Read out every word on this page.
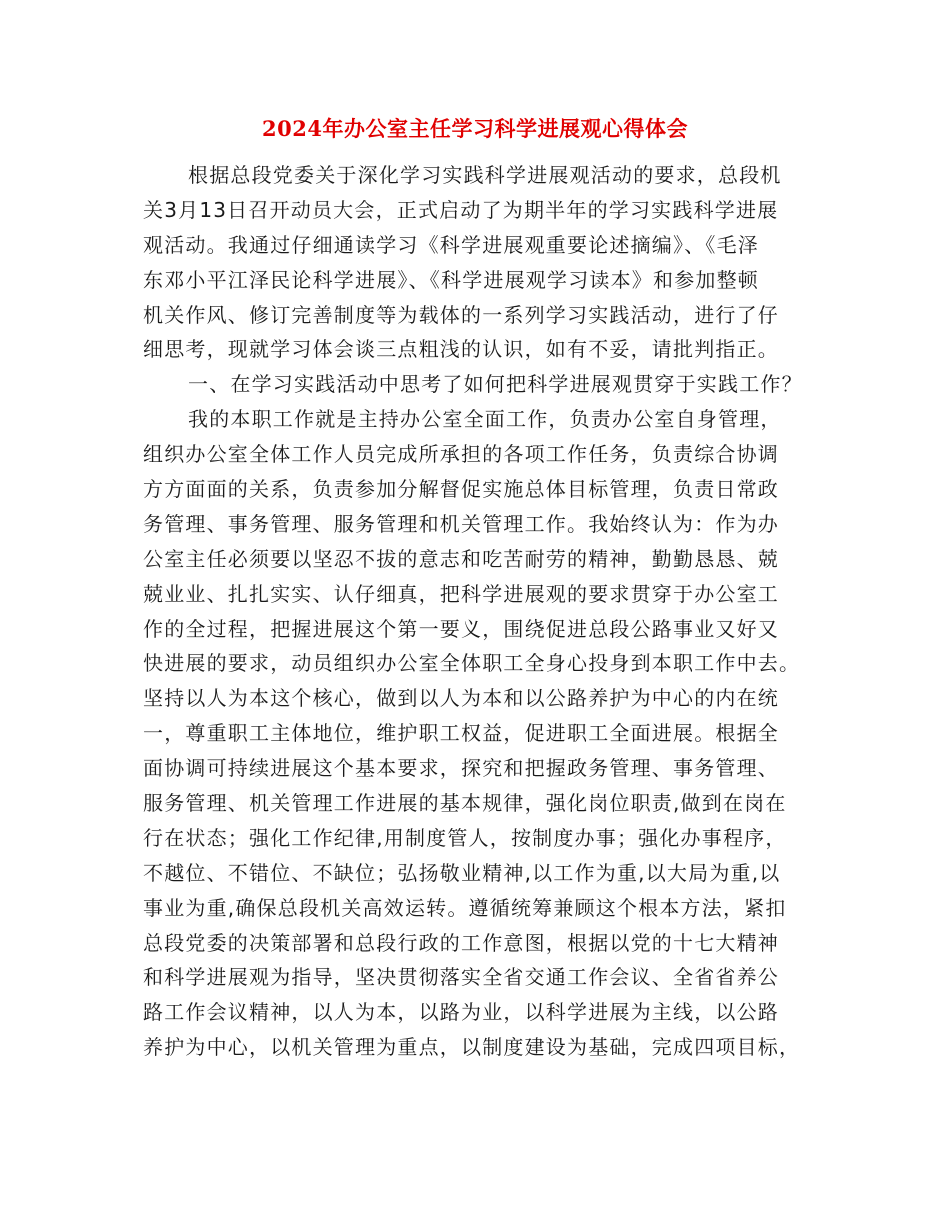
2024年办公室主任学习科学进展观心得体会
根据总段党委关于深化学习实践科学进展观活动的要求，总段机
关3月13日召开动员大会，正式启动了为期半年的学习实践科学进展
观活动。我通过仔细通读学习《科学进展观重要论述摘编》、《毛泽
东邓小平江泽民论科学进展》、《科学进展观学习读本》和参加整顿
机关作风、修订完善制度等为载体的一系列学习实践活动，进行了仔
细思考，现就学习体会谈三点粗浅的认识，如有不妥，请批判指正。
一、在学习实践活动中思考了如何把科学进展观贯穿于实践工作？
我的本职工作就是主持办公室全面工作，负责办公室自身管理，
组织办公室全体工作人员完成所承担的各项工作任务，负责综合协调
方方面面的关系，负责参加分解督促实施总体目标管理，负责日常政
务管理、事务管理、服务管理和机关管理工作。我始终认为：作为办
公室主任必须要以坚忍不拔的意志和吃苦耐劳的精神，勤勤恳恳、兢
兢业业、扎扎实实、认仔细真，把科学进展观的要求贯穿于办公室工
作的全过程，把握进展这个第一要义，围绕促进总段公路事业又好又
快进展的要求，动员组织办公室全体职工全身心投身到本职工作中去。
坚持以人为本这个核心，做到以人为本和以公路养护为中心的内在统
一，尊重职工主体地位，维护职工权益，促进职工全面进展。根据全
面协调可持续进展这个基本要求，探究和把握政务管理、事务管理、
服务管理、机关管理工作进展的基本规律，强化岗位职责,做到在岗在
行在状态；强化工作纪律,用制度管人，按制度办事；强化办事程序，
不越位、不错位、不缺位；弘扬敬业精神,以工作为重,以大局为重,以
事业为重,确保总段机关高效运转。遵循统筹兼顾这个根本方法，紧扣
总段党委的决策部署和总段行政的工作意图，根据以党的十七大精神
和科学进展观为指导，坚决贯彻落实全省交通工作会议、全省省养公
路工作会议精神，以人为本，以路为业，以科学进展为主线，以公路
养护为中心，以机关管理为重点，以制度建设为基础，完成四项目标，
